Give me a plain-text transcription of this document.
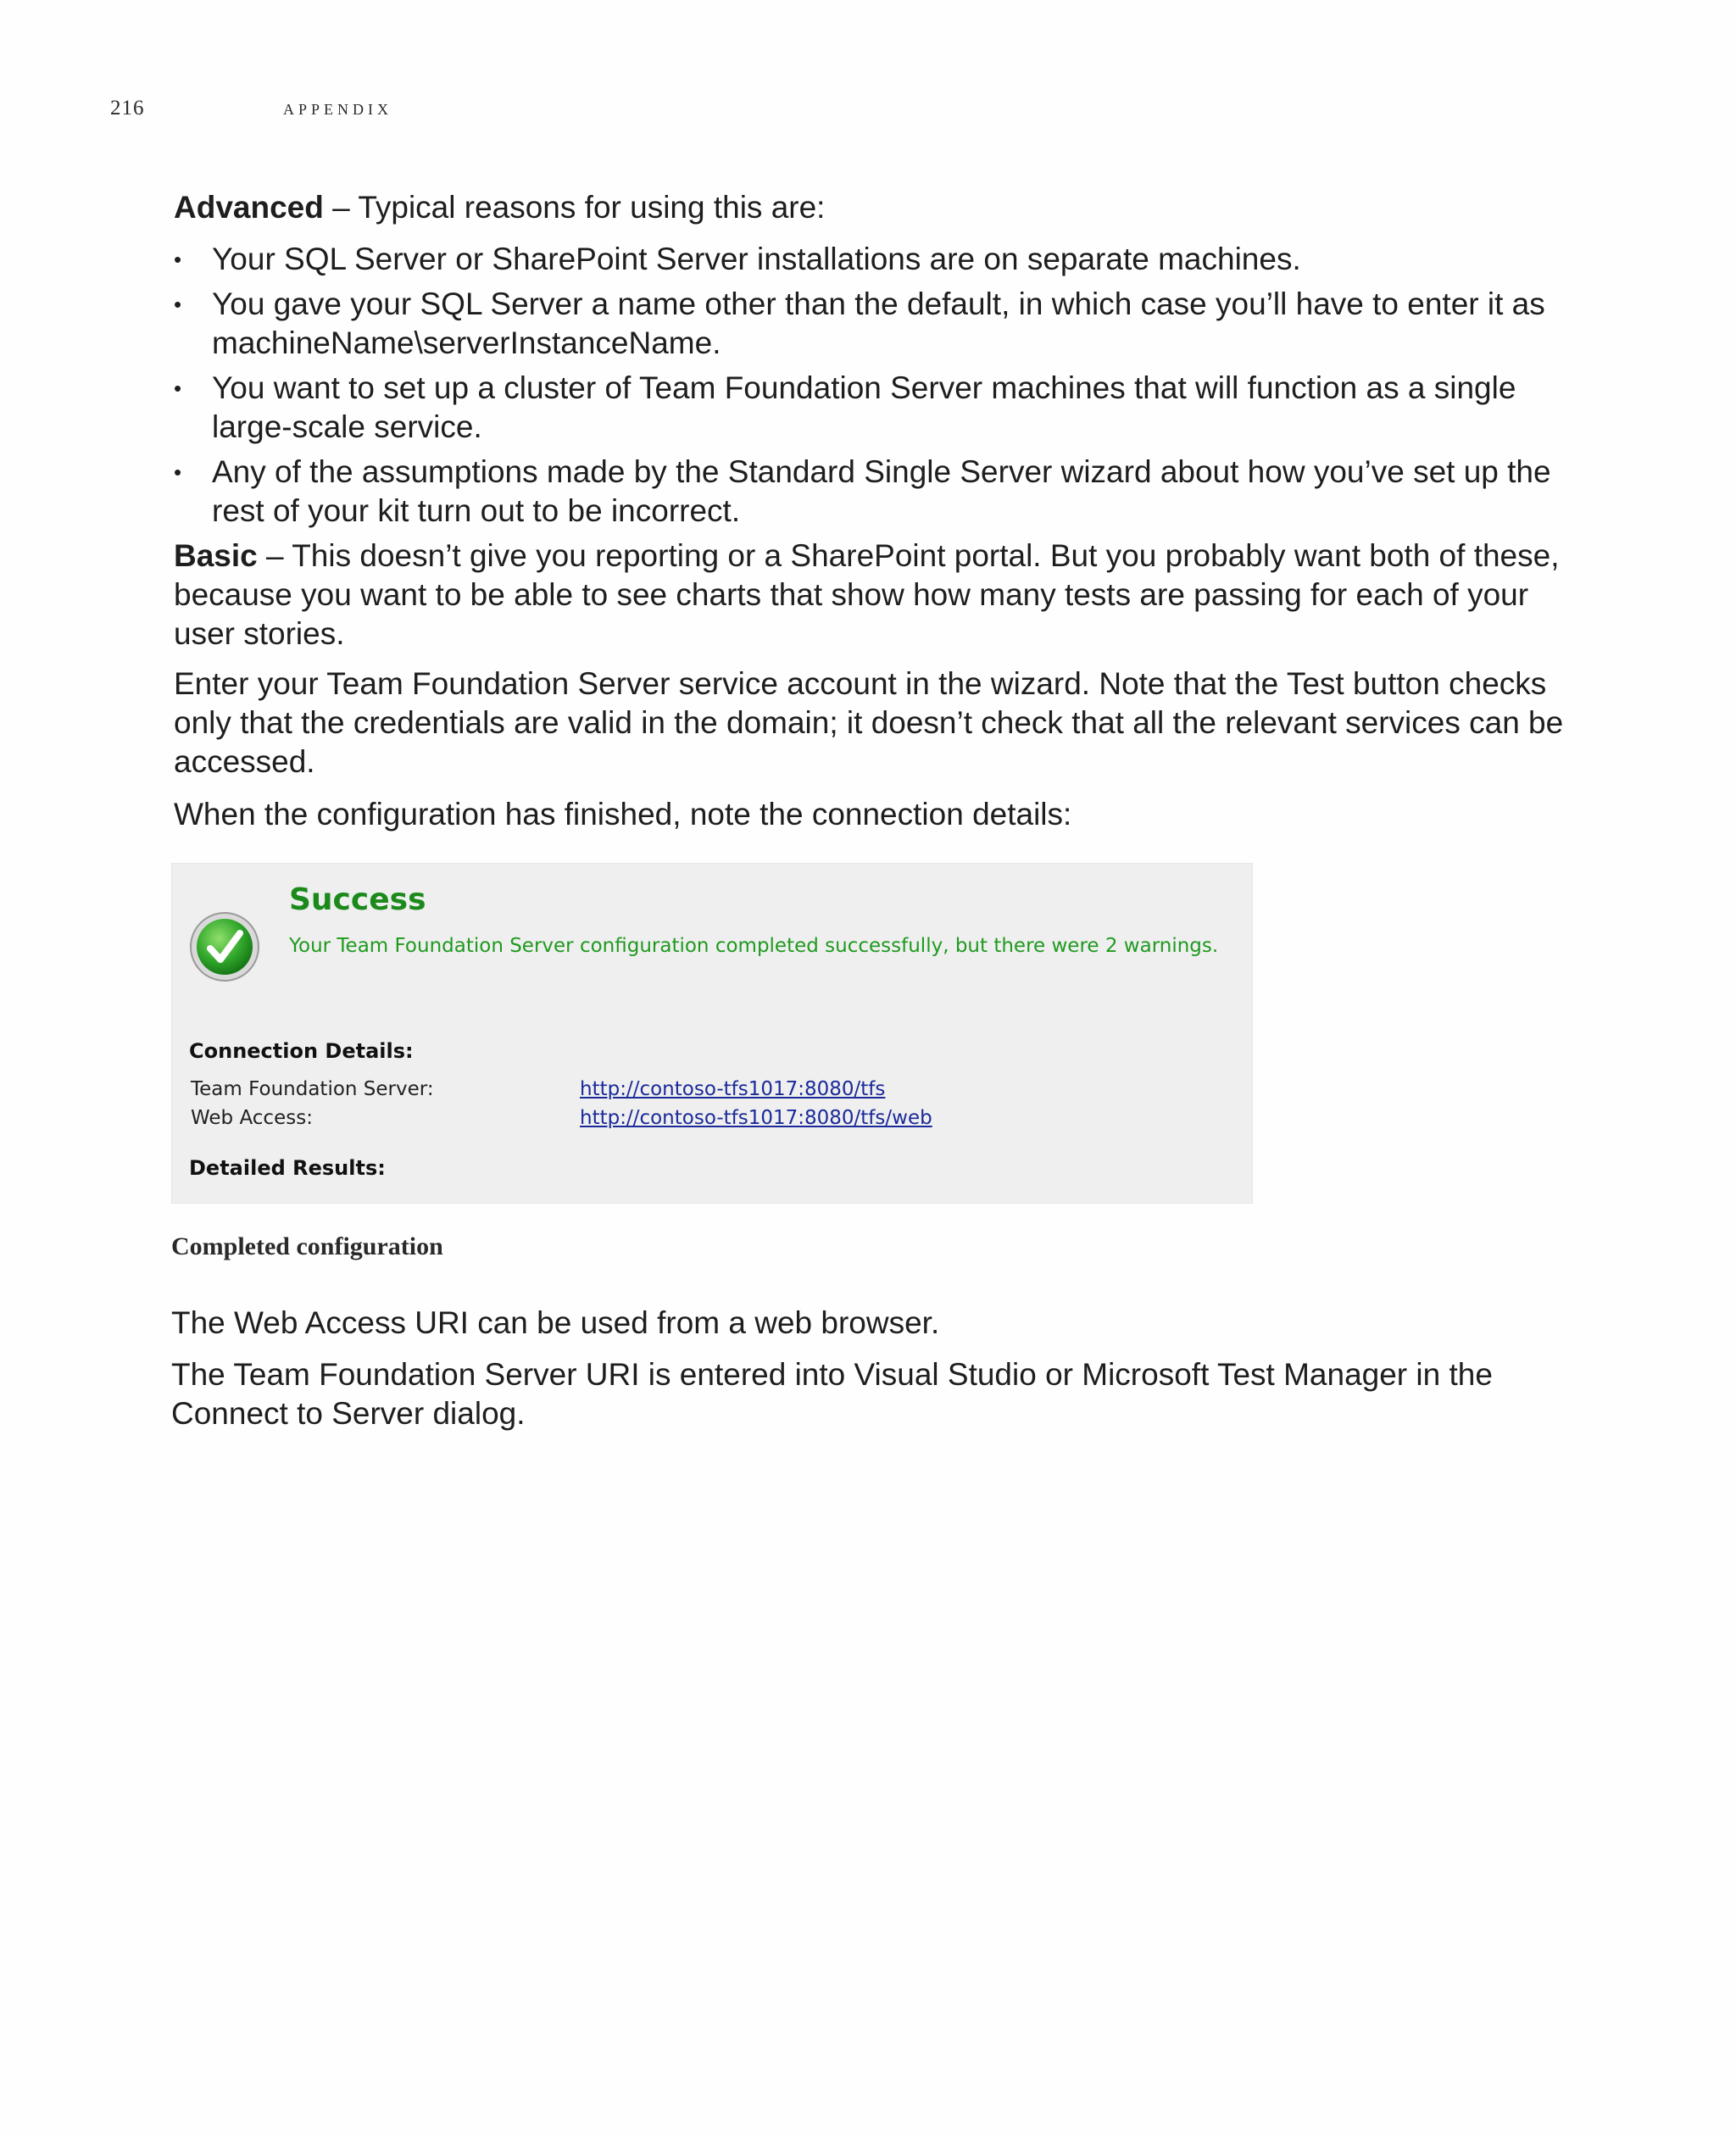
216	appendix

Advanced – Typical reasons for using this are:

• Your SQL Server or SharePoint Server installations are on separate machines.
• You gave your SQL Server a name other than the default, in which case you’ll have to enter it as machineName\serverInstanceName.
• You want to set up a cluster of Team Foundation Server machines that will function as a single large-scale service.
• Any of the assumptions made by the Standard Single Server wizard about how you’ve set up the rest of your kit turn out to be incorrect.

Basic – This doesn’t give you reporting or a SharePoint portal. But you probably want both of these, because you want to be able to see charts that show how many tests are passing for each of your user stories.

Enter your Team Foundation Server service account in the wizard. Note that the Test button checks only that the credentials are valid in the domain; it doesn’t check that all the relevant services can be accessed.

When the configuration has finished, note the connection details:

Success
Your Team Foundation Server configuration completed successfully, but there were 2 warnings.
Connection Details:
Team Foundation Server:	http://contoso-tfs1017:8080/tfs
Web Access:	http://contoso-tfs1017:8080/tfs/web
Detailed Results:
Completed configuration

The Web Access URI can be used from a web browser.

The Team Foundation Server URI is entered into Visual Studio or Microsoft Test Manager in the Connect to Server dialog.
